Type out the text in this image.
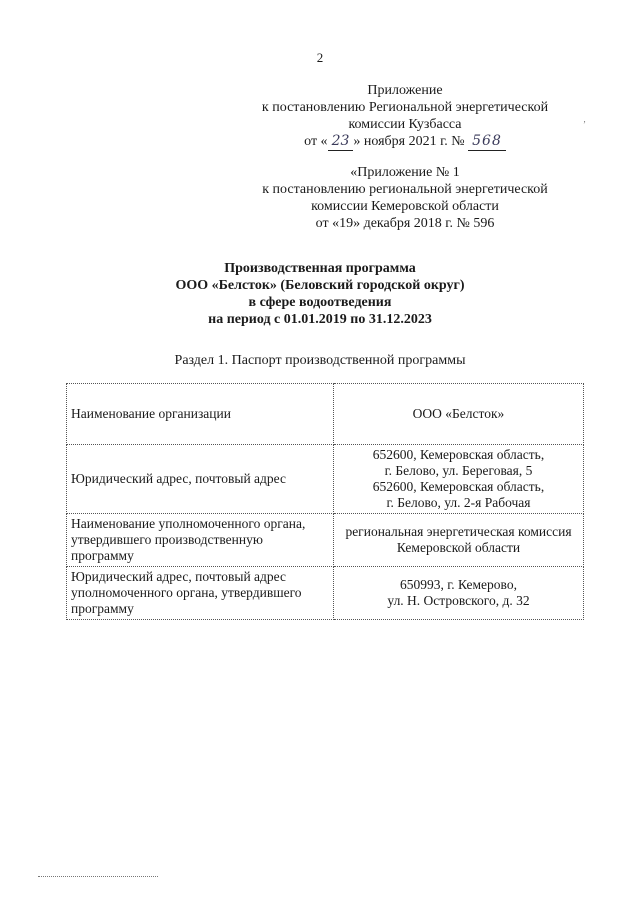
2
Приложение
к постановлению Региональной энергетической
комиссии Кузбасса
от « 23 » ноября 2021 г. № 568
‚
«Приложение № 1
к постановлению региональной энергетической
комиссии Кемеровской области
от «19» декабря 2018 г. № 596
Производственная программа
ООО «Белсток» (Беловский городской округ)
в сфере водоотведения
на период с 01.01.2019 по 31.12.2023
Раздел 1. Паспорт производственной программы
Наименование организации	ООО «Белсток»

Юридический адрес, почтовый адрес	652600, Кемеровская область,
г. Белово, ул. Береговая, 5
652600, Кемеровская область,
г. Белово, ул. 2-я Рабочая

Наименование уполномоченного органа, утвердившего производственную программу	региональная энергетическая комиссия
Кемеровской области

Юридический адрес, почтовый адрес уполномоченного органа, утвердившего программу	650993, г. Кемерово,
ул. Н. Островского, д. 32
